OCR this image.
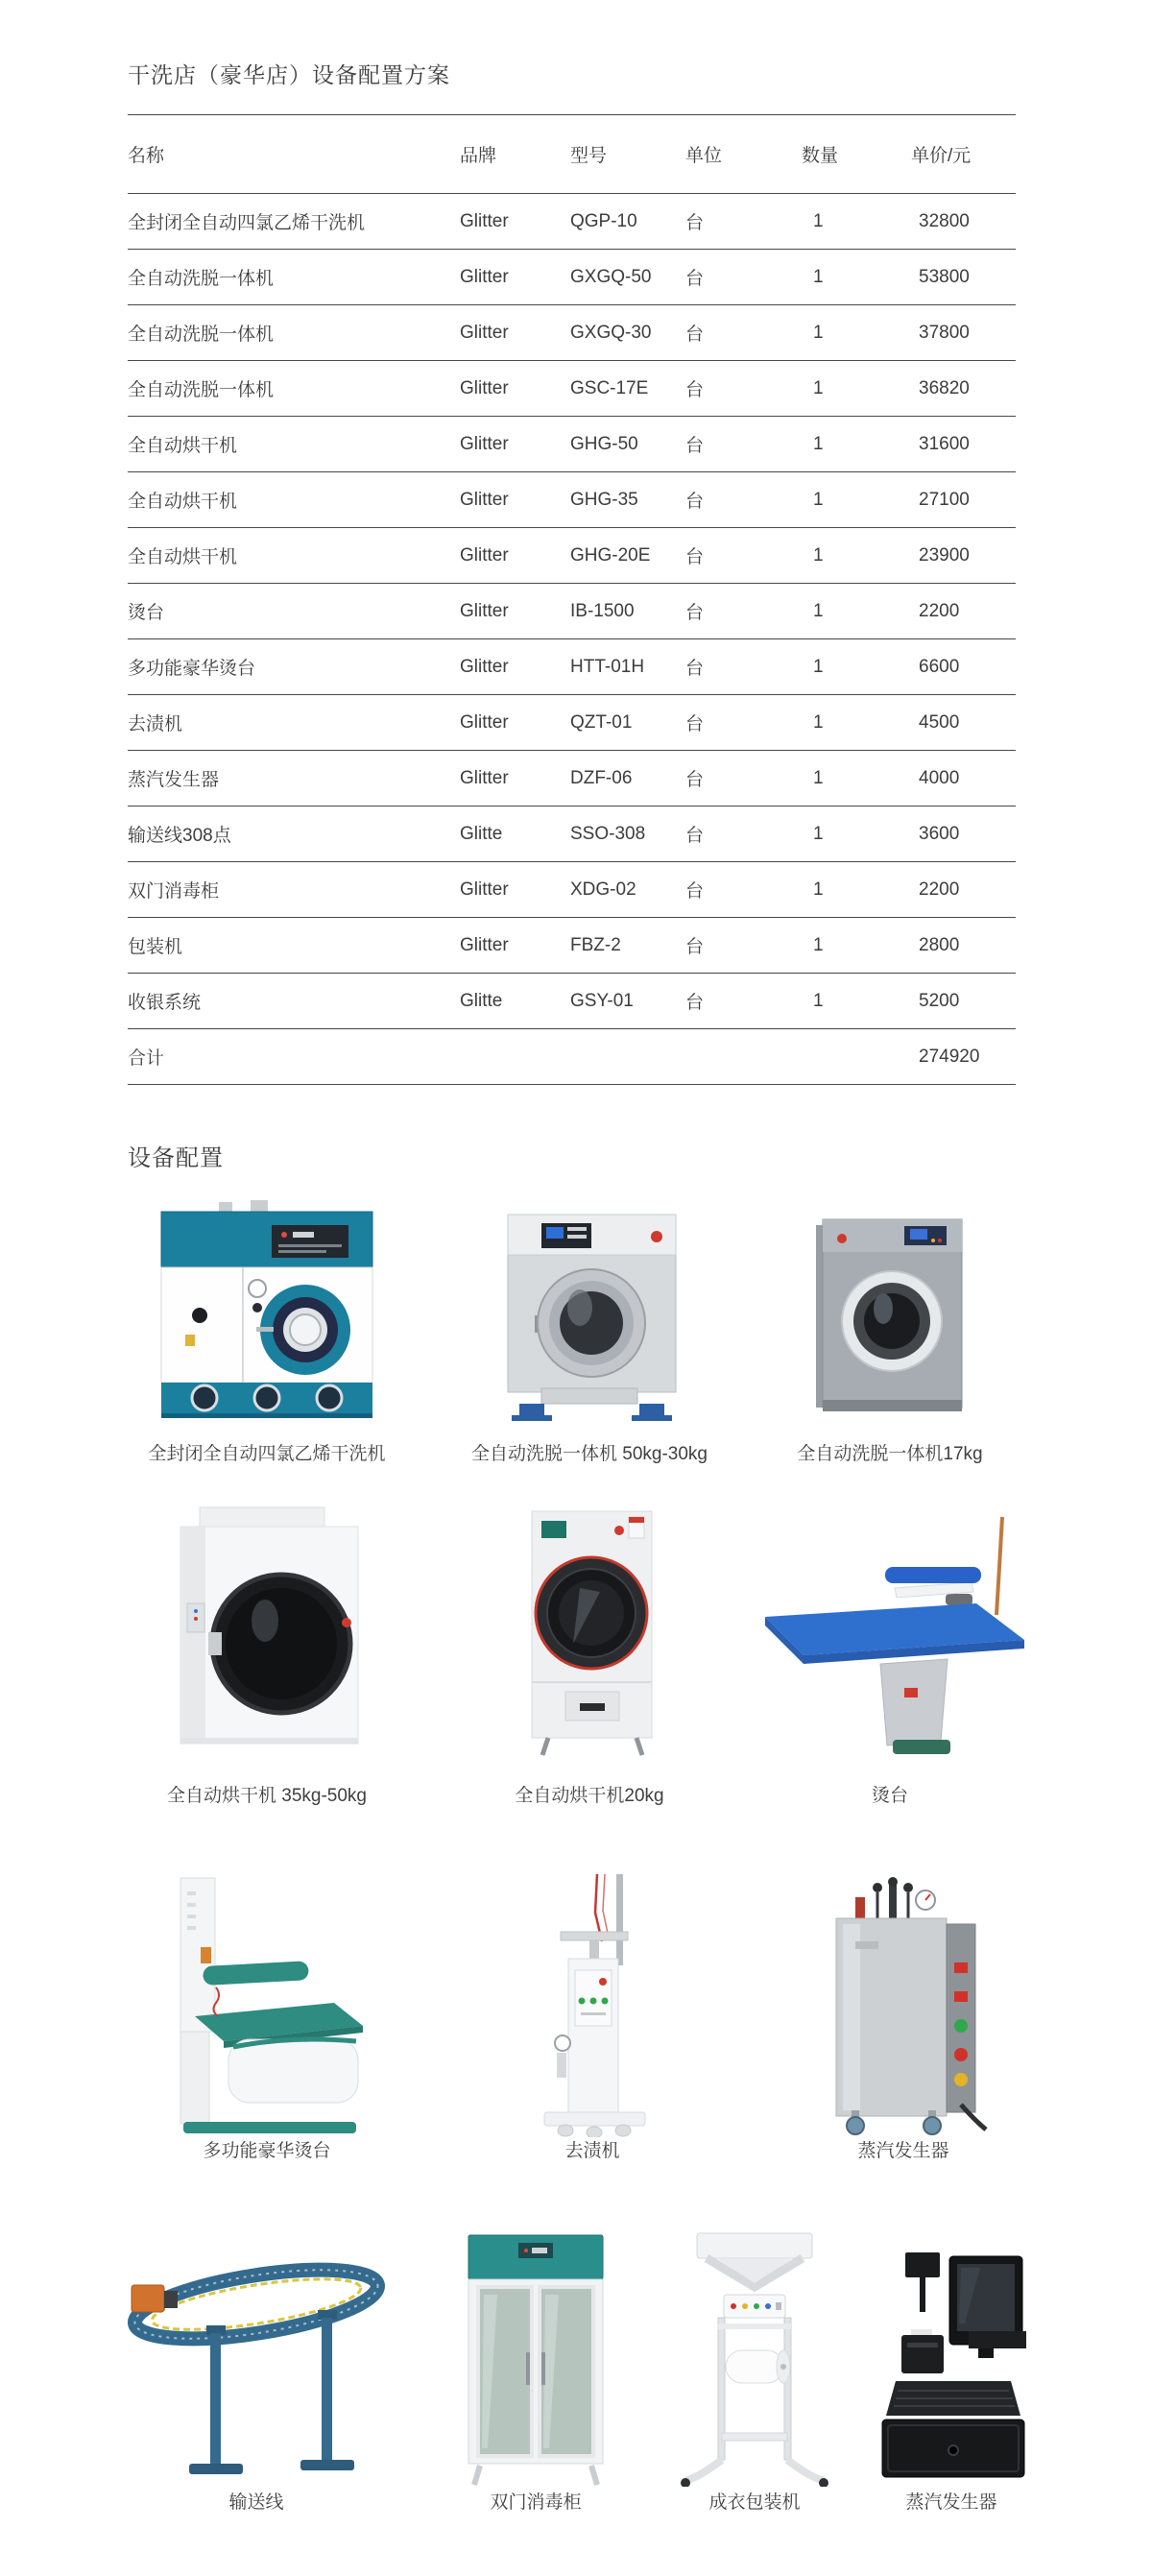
干洗店（豪华店）设备配置方案
名称	品牌	型号	单位	数量	单价/元
全封闭全自动四氯乙烯干洗机	Glitter	QGP-10	台	1	32800
全自动洗脱一体机	Glitter	GXGQ-50	台	1	53800
全自动洗脱一体机	Glitter	GXGQ-30	台	1	37800
全自动洗脱一体机	Glitter	GSC-17E	台	1	36820
全自动烘干机	Glitter	GHG-50	台	1	31600
全自动烘干机	Glitter	GHG-35	台	1	27100
全自动烘干机	Glitter	GHG-20E	台	1	23900
烫台	Glitter	IB-1500	台	1	2200
多功能豪华烫台	Glitter	HTT-01H	台	1	6600
去渍机	Glitter	QZT-01	台	1	4500
蒸汽发生器	Glitter	DZF-06	台	1	4000
输送线308点	Glitte	SSO-308	台	1	3600
双门消毒柜	Glitter	XDG-02	台	1	2200
包装机	Glitter	FBZ-2	台	1	2800
收银系统	Glitte	GSY-01	台	1	5200
合计					274920
设备配置
全封闭全自动四氯乙烯干洗机	全自动洗脱一体机 50kg-30kg	全自动洗脱一体机17kg
全自动烘干机 35kg-50kg	全自动烘干机20kg	烫台
多功能豪华烫台	去渍机	蒸汽发生器
输送线	双门消毒柜	成衣包装机	蒸汽发生器
